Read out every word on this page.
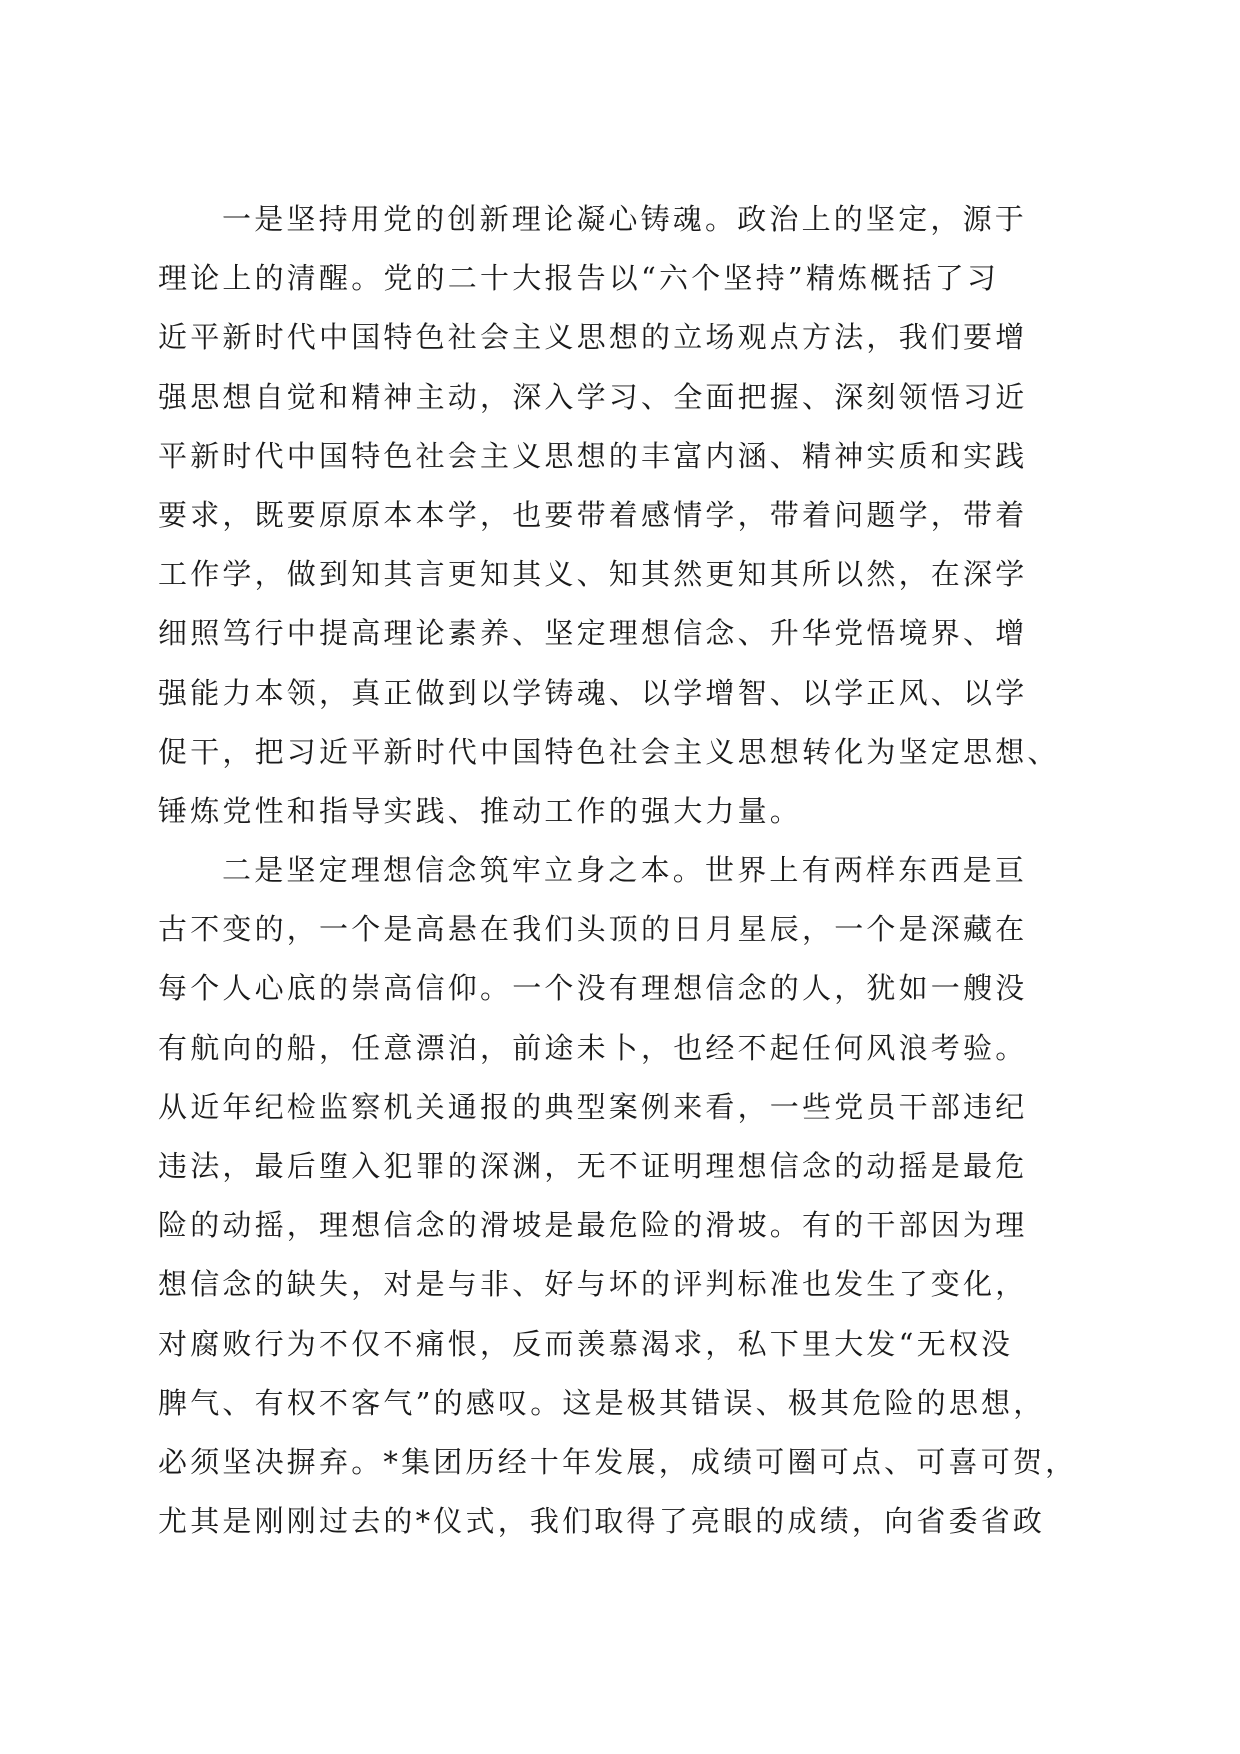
一是坚持用党的创新理论凝心铸魂。政治上的坚定，源于
理论上的清醒。党的二十大报告以“六个坚持”精炼概括了习
近平新时代中国特色社会主义思想的立场观点方法，我们要增
强思想自觉和精神主动，深入学习、全面把握、深刻领悟习近
平新时代中国特色社会主义思想的丰富内涵、精神实质和实践
要求，既要原原本本学，也要带着感情学，带着问题学，带着
工作学，做到知其言更知其义、知其然更知其所以然，在深学
细照笃行中提高理论素养、坚定理想信念、升华党悟境界、增
强能力本领，真正做到以学铸魂、以学增智、以学正风、以学
促干，把习近平新时代中国特色社会主义思想转化为坚定思想、
锤炼党性和指导实践、推动工作的强大力量。
二是坚定理想信念筑牢立身之本。世界上有两样东西是亘
古不变的，一个是高悬在我们头顶的日月星辰，一个是深藏在
每个人心底的崇高信仰。一个没有理想信念的人，犹如一艘没
有航向的船，任意漂泊，前途未卜，也经不起任何风浪考验。
从近年纪检监察机关通报的典型案例来看，一些党员干部违纪
违法，最后堕入犯罪的深渊，无不证明理想信念的动摇是最危
险的动摇，理想信念的滑坡是最危险的滑坡。有的干部因为理
想信念的缺失，对是与非、好与坏的评判标准也发生了变化，
对腐败行为不仅不痛恨，反而羡慕渴求，私下里大发“无权没
脾气、有权不客气”的感叹。这是极其错误、极其危险的思想，
必须坚决摒弃。*集团历经十年发展，成绩可圈可点、可喜可贺，
尤其是刚刚过去的*仪式，我们取得了亮眼的成绩，向省委省政
